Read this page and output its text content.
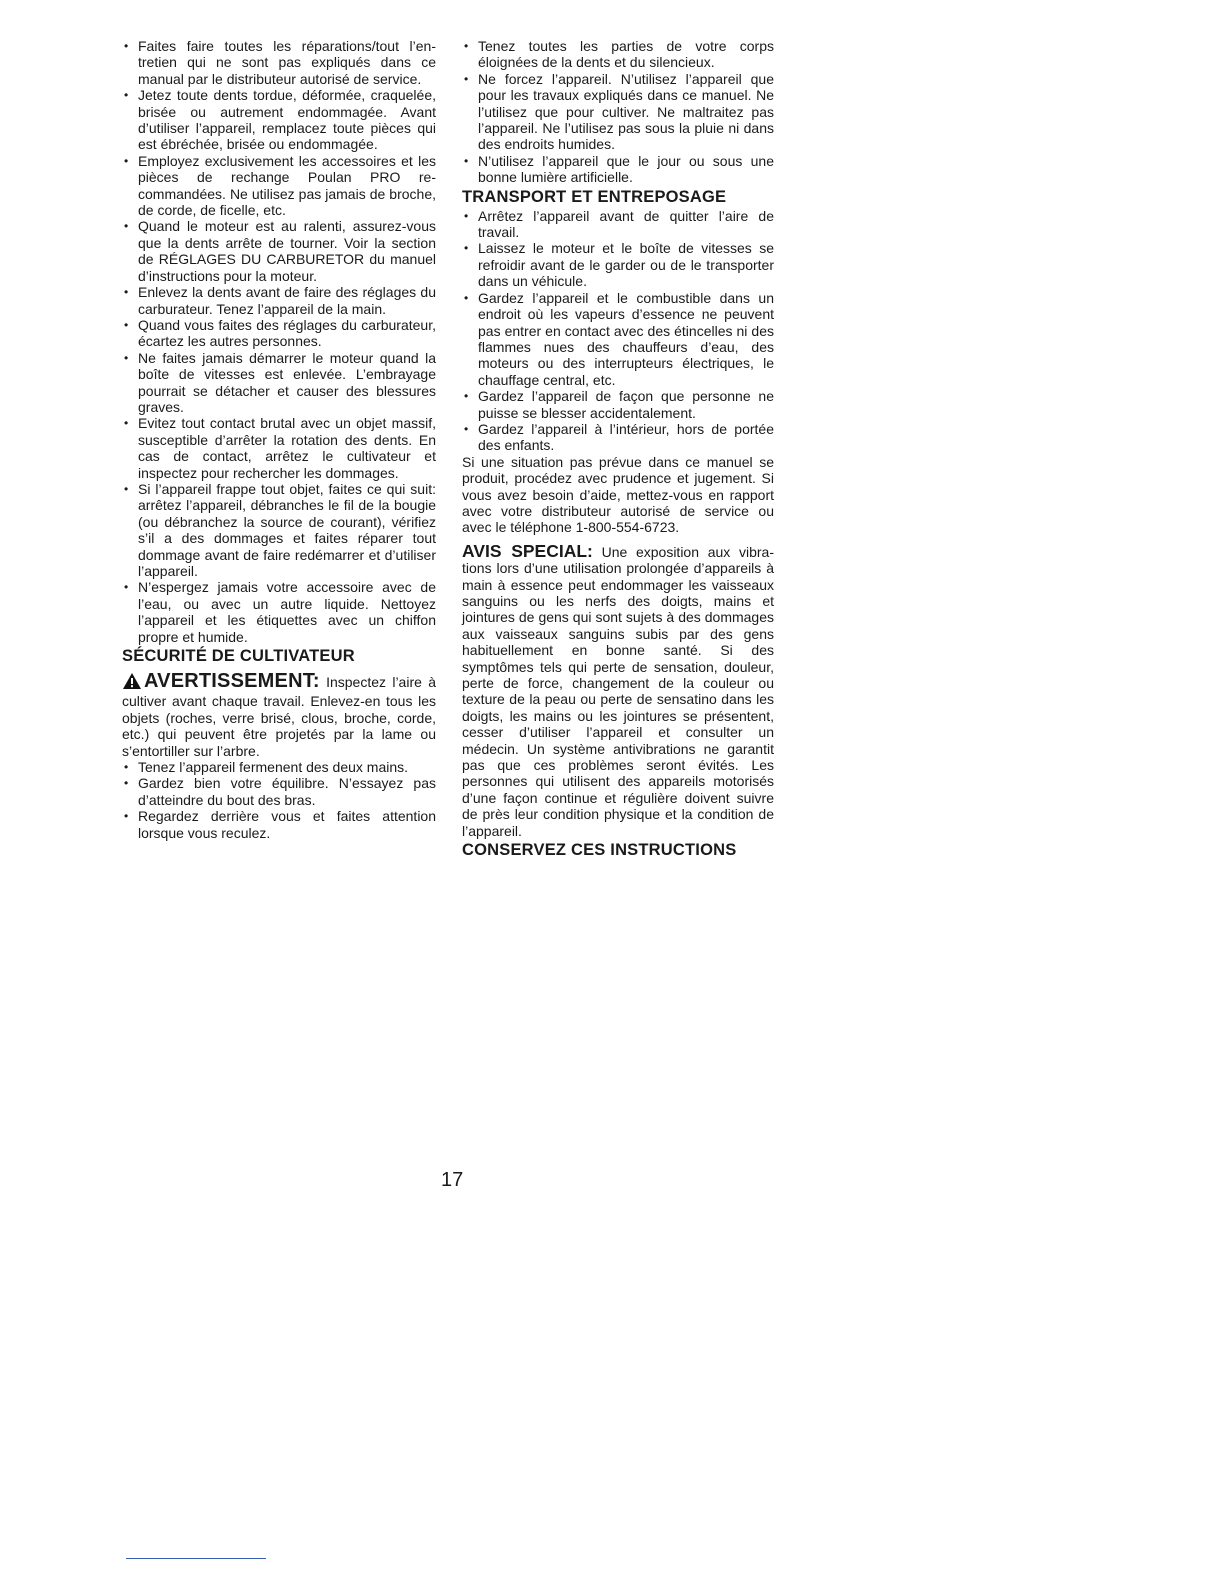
• Faites faire toutes les réparations/tout l’entretien qui ne sont pas expliqués dans ce manual par le distributeur autorisé de service.
• Jetez toute dents tordue, déformée, craquelée, brisée ou autrement endommagée. Avant d’utiliser l’appareil, remplacez toute pièces qui est ébréchée, brisée ou endommagée.
• Employez exclusivement les accessoires et les pièces de rechange Poulan PRO recommandées. Ne utilisez pas jamais de broche, de corde, de ficelle, etc.
• Quand le moteur est au ralenti, assurez-vous que la dents arrête de tourner. Voir la section de RÉGLAGES DU CARBURETOR du manuel d’instructions pour la moteur.
• Enlevez la dents avant de faire des réglages du carburateur. Tenez l’appareil de la main.
• Quand vous faites des réglages du carburateur, écartez les autres personnes.
• Ne faites jamais démarrer le moteur quand la boîte de vitesses est enlevée. L’embrayage pourrait se détacher et causer des blessures graves.
• Evitez tout contact brutal avec un objet massif, susceptible d’arrêter la rotation des dents. En cas de contact, arrêtez le cultivateur et inspectez pour rechercher les dommages.
• Si l’appareil frappe tout objet, faites ce qui suit: arrêtez l’appareil, débranches le fil de la bougie (ou débranchez la source de courant), vérifiez s’il a des dommages et faites réparer tout dommage avant de faire redémarrer et d’utiliser l’appareil.
• N’espergez jamais votre accessoire avec de l’eau, ou avec un autre liquide. Nettoyez l’appareil et les étiquettes avec un chiffon propre et humide.
SÉCURITÉ DE CULTIVATEUR
AVERTISSEMENT: Inspectez l’aire à cultiver avant chaque travail. Enlevez-en tous les objets (roches, verre brisé, clous, broche, corde, etc.) qui peuvent être projetés par la lame ou s’entortiller sur l’arbre.
• Tenez l’appareil fermenent des deux mains.
• Gardez bien votre équilibre. N’essayez pas d’atteindre du bout des bras.
• Regardez derrière vous et faites attention lorsque vous reculez.
• Tenez toutes les parties de votre corps éloignées de la dents et du silencieux.
• Ne forcez l’appareil. N’utilisez l’appareil que pour les travaux expliqués dans ce manuel. Ne l’utilisez que pour cultiver. Ne maltraitez pas l’appareil. Ne l’utilisez pas sous la pluie ni dans des endroits humides.
• N’utilisez l’appareil que le jour ou sous une bonne lumière artificielle.
TRANSPORT ET ENTREPOSAGE
• Arrêtez l’appareil avant de quitter l’aire de travail.
• Laissez le moteur et le boîte de vitesses se refroidir avant de le garder ou de le transporter dans un véhicule.
• Gardez l’appareil et le combustible dans un endroit où les vapeurs d’essence ne peuvent pas entrer en contact avec des étincelles ni des flammes nues des chauffeurs d’eau, des moteurs ou des interrupteurs électriques, le chauffage central, etc.
• Gardez l’appareil de façon que personne ne puisse se blesser accidentalement.
• Gardez l’appareil à l’intérieur, hors de portée des enfants.

Si une situation pas prévue dans ce manuel se produit, procédez avec prudence et jugement. Si vous avez besoin d’aide, mettez-vous en rapport avec votre distributeur autorisé de service ou avec le téléphone 1-800-554-6723.

AVIS SPECIAL: Une exposition aux vibrations lors d’une utilisation prolongée d’appareils à main à essence peut endommager les vaisseaux sanguins ou les nerfs des doigts, mains et jointures de gens qui sont sujets à des dommages aux vaisseaux sanguins subis par des gens habituellement en bonne santé. Si des symptômes tels qui perte de sensation, douleur, perte de force, changement de la couleur ou texture de la peau ou perte de sensatino dans les doigts, les mains ou les jointures se présentent, cesser d’utiliser l’appareil et consulter un médecin. Un système antivibrations ne garantit pas que ces problèmes seront évités. Les personnes qui utilisent des appareils motorisés d’une façon continue et régulière doivent suivre de près leur condition physique et la condition de l’appareil.
CONSERVEZ CES INSTRUCTIONS
17
